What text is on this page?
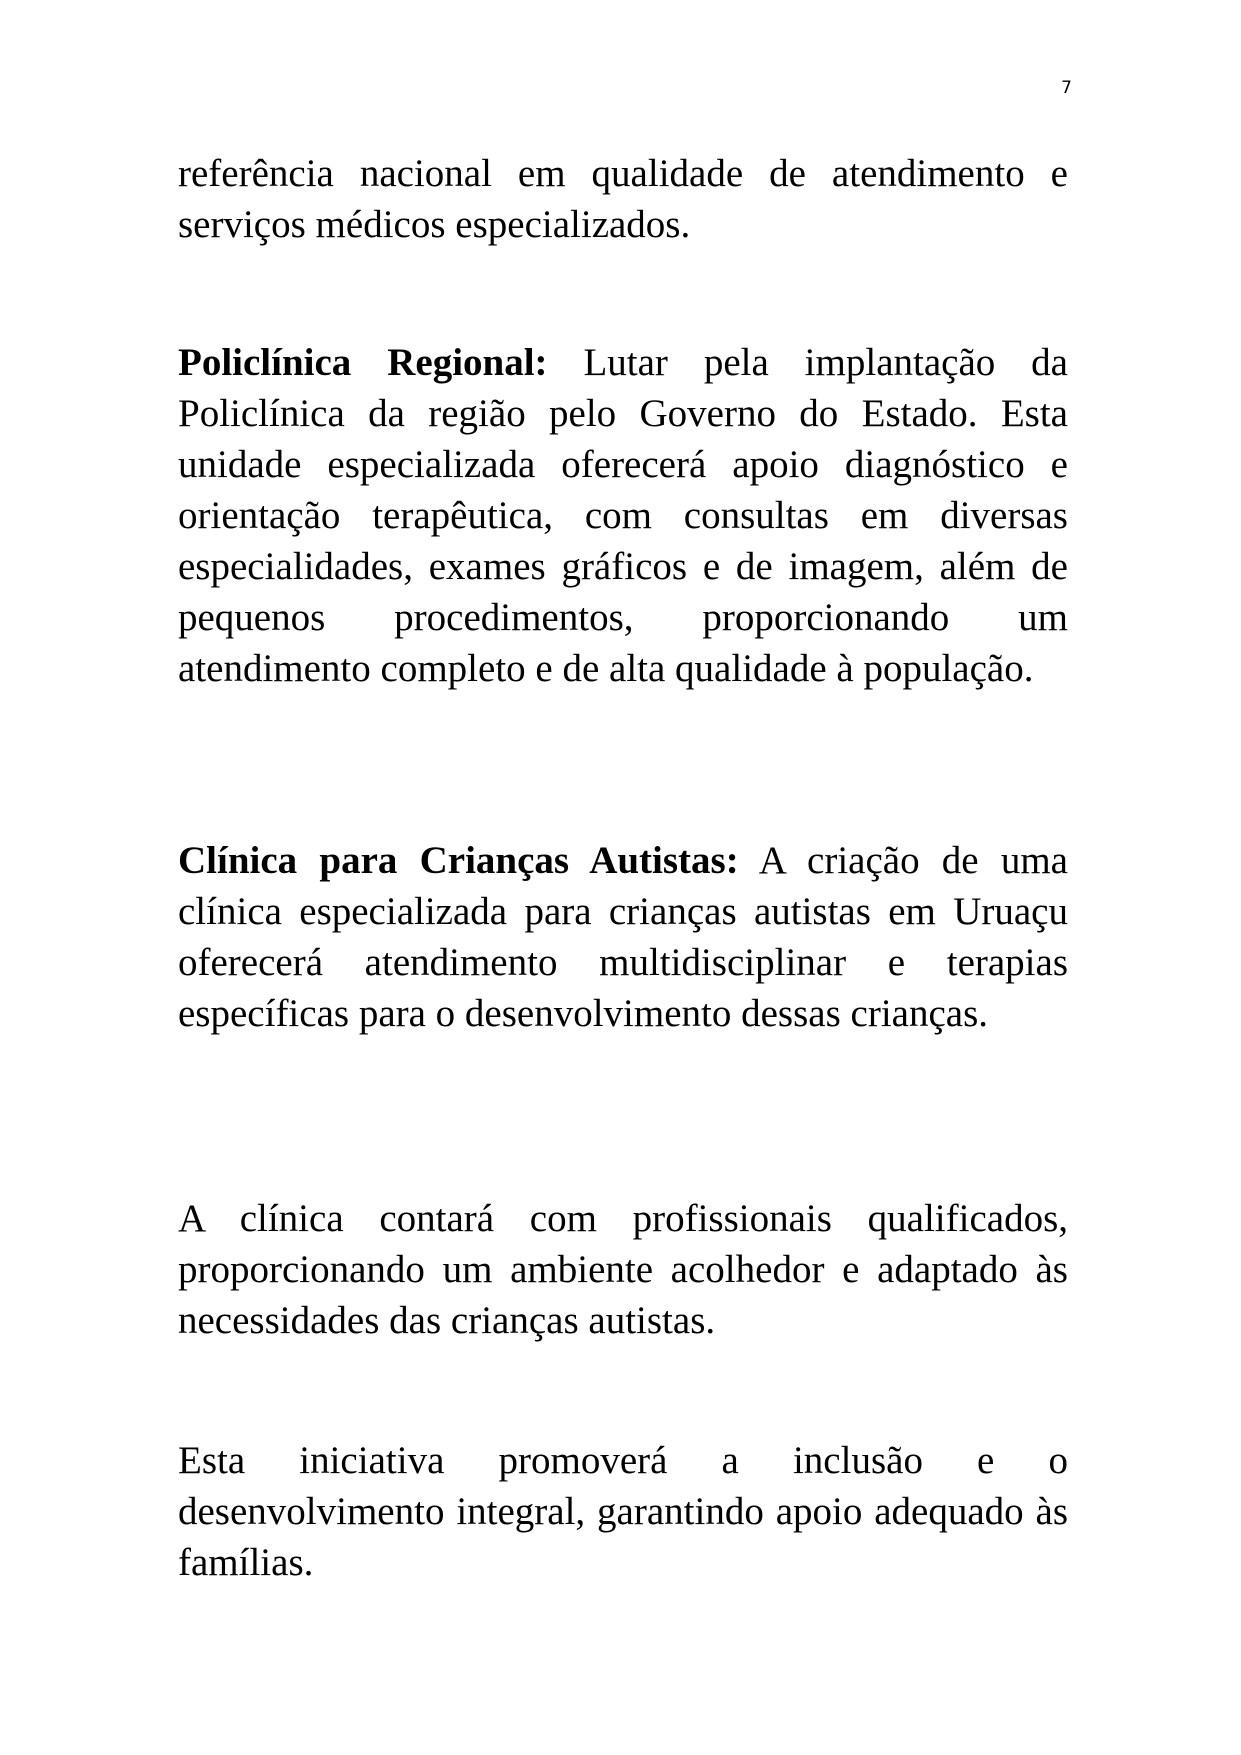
7

referência nacional em qualidade de atendimento e serviços médicos especializados.

Policlínica Regional: Lutar pela implantação da Policlínica da região pelo Governo do Estado. Esta unidade especializada oferecerá apoio diagnóstico e orientação terapêutica, com consultas em diversas especialidades, exames gráficos e de imagem, além de pequenos procedimentos, proporcionando um atendimento completo e de alta qualidade à população.

Clínica para Crianças Autistas: A criação de uma clínica especializada para crianças autistas em Uruaçu oferecerá atendimento multidisciplinar e terapias específicas para o desenvolvimento dessas crianças.

A clínica contará com profissionais qualificados, proporcionando um ambiente acolhedor e adaptado às necessidades das crianças autistas.

Esta iniciativa promoverá a inclusão e o desenvolvimento integral, garantindo apoio adequado às famílias.
